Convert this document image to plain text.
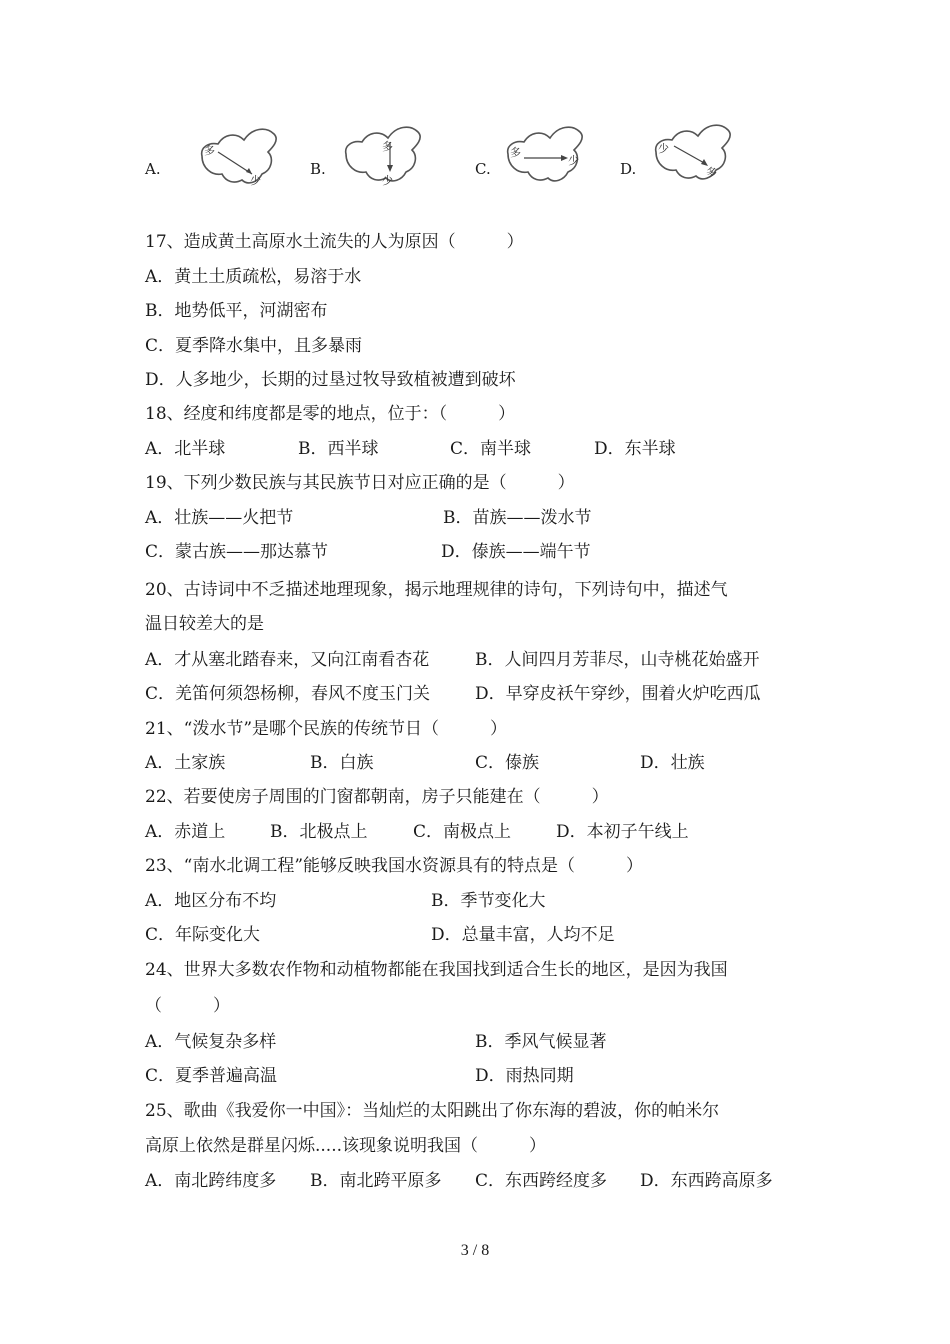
A.
多
少
B.
多
少
C.
多
少	D.
少
多
17、造成黄土高原水土流失的人为原因（　　　）
A．黄土土质疏松，易溶于水
B．地势低平，河湖密布
C．夏季降水集中，且多暴雨
D．人多地少，长期的过垦过牧导致植被遭到破坏
18、经度和纬度都是零的地点，位于：（　　　）
A．北半球	B．西半球	C．南半球	D．东半球
19、下列少数民族与其民族节日对应正确的是（　　　）
A．壮族——火把节	B．苗族——泼水节
C．蒙古族——那达慕节	D．傣族——端午节
20、古诗词中不乏描述地理现象，揭示地理规律的诗句，下列诗句中，描述气
温日较差大的是
A．才从塞北踏春来，又向江南看杏花	B．人间四月芳菲尽，山寺桃花始盛开
C．羌笛何须怨杨柳，春风不度玉门关	D．早穿皮袄午穿纱，围着火炉吃西瓜
21、“泼水节”是哪个民族的传统节日（　　　）
A．土家族	B．白族	C．傣族	D．壮族
22、若要使房子周围的门窗都朝南，房子只能建在（　　　）
A．赤道上	B．北极点上	C．南极点上	D．本初子午线上
23、“南水北调工程”能够反映我国水资源具有的特点是（　　　）
A．地区分布不均	B．季节变化大
C．年际变化大	D．总量丰富，人均不足
24、世界大多数农作物和动植物都能在我国找到适合生长的地区，是因为我国
（　　　）
A．气候复杂多样	B．季风气候显著
C．夏季普遍高温	D．雨热同期
25、歌曲《我爱你一中国》：当灿烂的太阳跳出了你东海的碧波，你的帕米尔
高原上依然是群星闪烁.....该现象说明我国（　　　）
A．南北跨纬度多 B．南北跨平原多 C．东西跨经度多 D．东西跨高原多
3 / 8
